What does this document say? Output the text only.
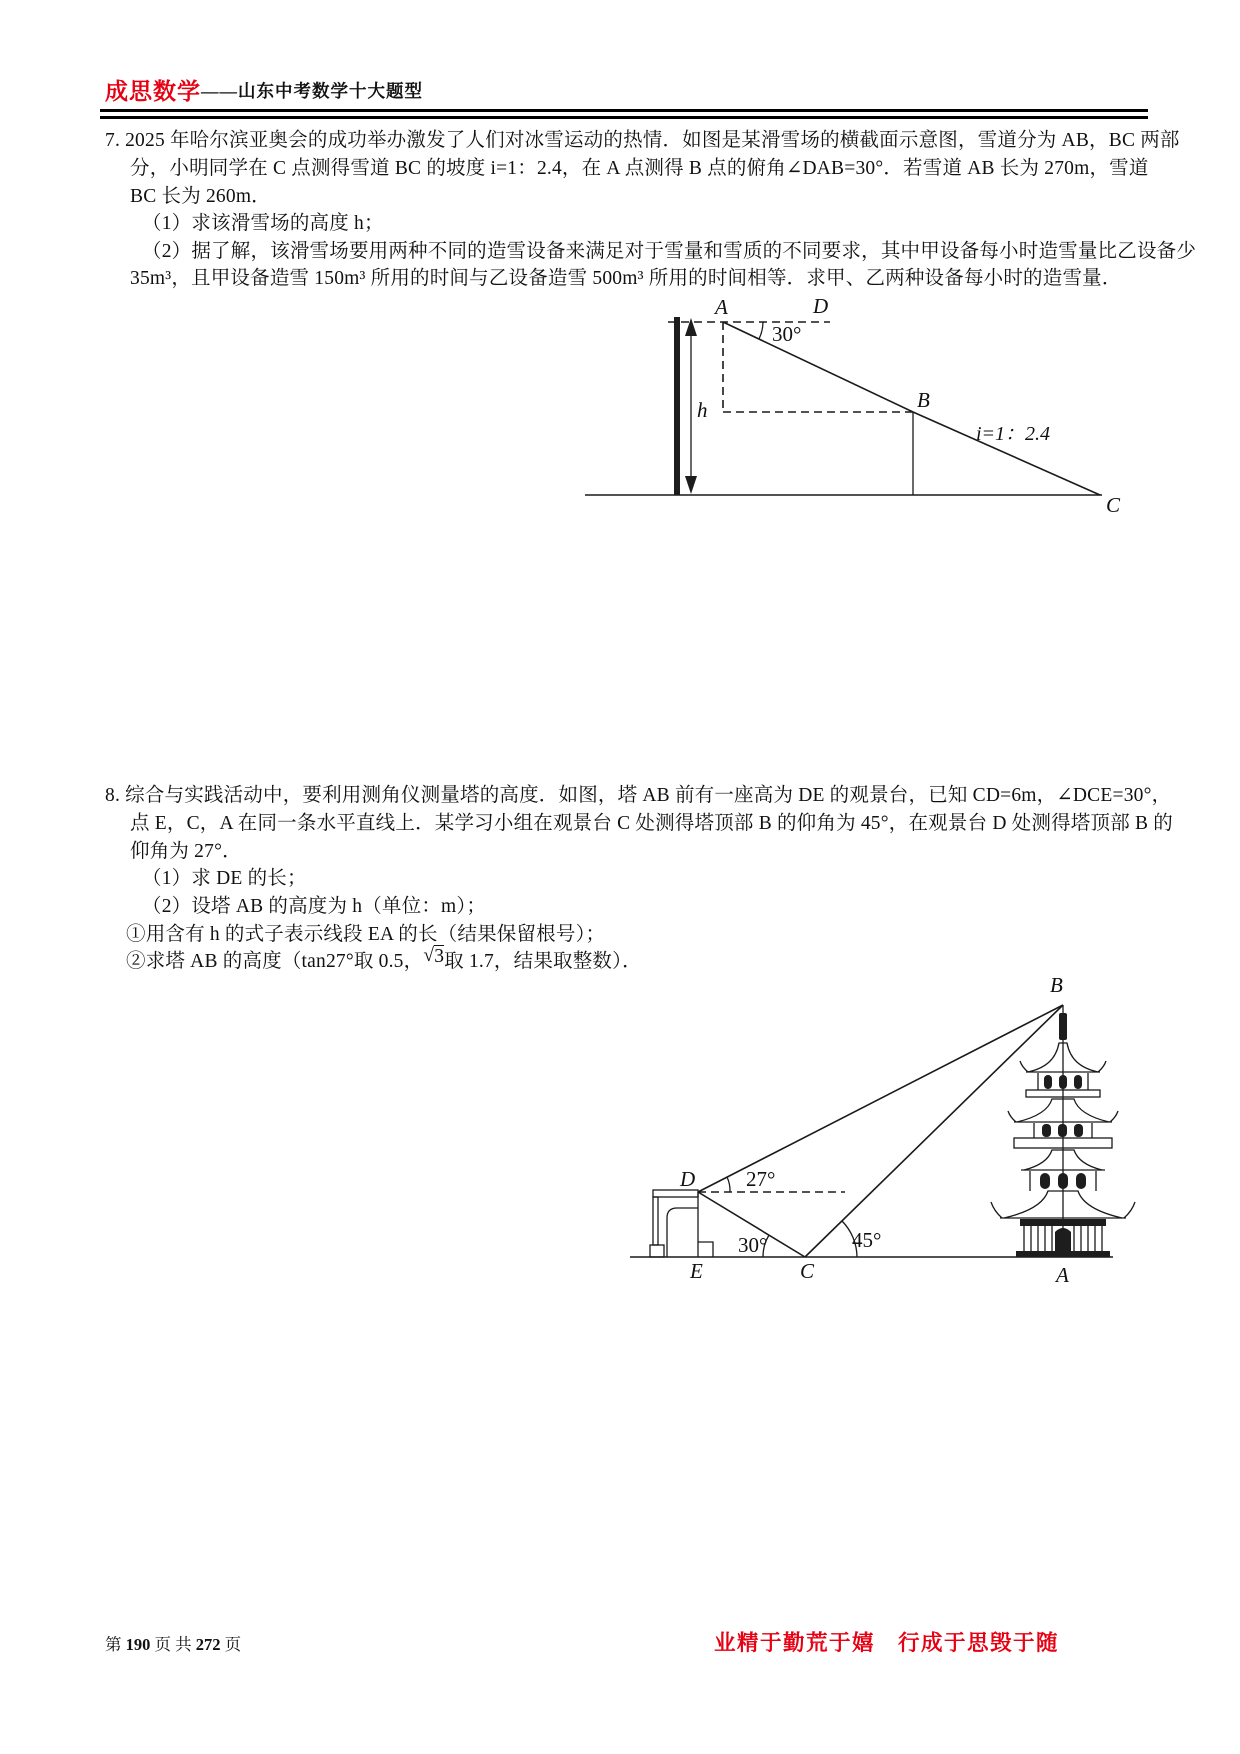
成思数学——山东中考数学十大题型
7. 2025 年哈尔滨亚奥会的成功举办激发了人们对冰雪运动的热情．如图是某滑雪场的横截面示意图，雪道分为 AB，BC 两部
分，小明同学在 C 点测得雪道 BC 的坡度 i=1：2.4，在 A 点测得 B 点的俯角∠DAB=30°．若雪道 AB 长为 270m，雪道
BC 长为 260m．
（1）求该滑雪场的高度 h；
（2）据了解，该滑雪场要用两种不同的造雪设备来满足对于雪量和雪质的不同要求，其中甲设备每小时造雪量比乙设备少
35m³，且甲设备造雪 150m³ 所用的时间与乙设备造雪 500m³ 所用的时间相等．求甲、乙两种设备每小时的造雪量．
A	D
30°
h	B
C
i=1：2.4
8. 综合与实践活动中，要利用测角仪测量塔的高度．如图，塔 AB 前有一座高为 DE 的观景台，已知 CD=6m，∠DCE=30°，
点 E，C，A 在同一条水平直线上．某学习小组在观景台 C 处测得塔顶部 B 的仰角为 45°，在观景台 D 处测得塔顶部 B 的
仰角为 27°．
（1）求 DE 的长；
（2）设塔 AB 的高度为 h（单位：m）；
①用含有 h 的式子表示线段 EA 的长（结果保留根号）；
②求塔 AB 的高度（tan27°取 0.5， √ 3 取 1.7，结果取整数）．
B
D 27°
30°	45°
E	C	A
第 190 页 共 272 页	业精于勤荒于嬉　行成于思毁于随
